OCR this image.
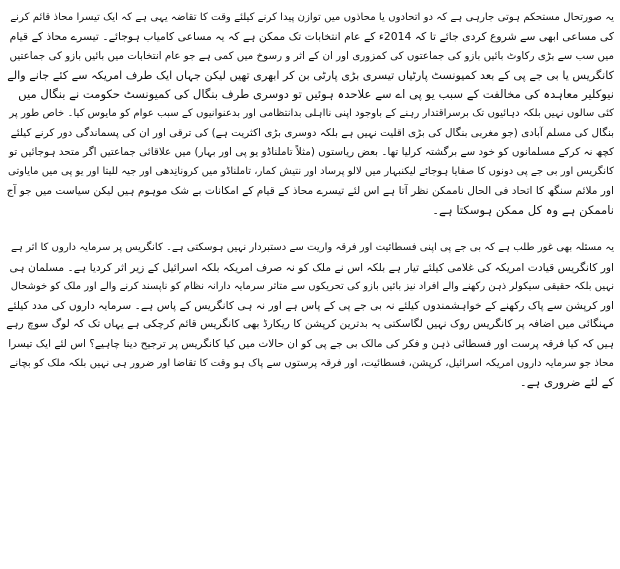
یہ صورتحال مستحکم ہوتی جارہی ہے کہ دو اتحادوں یا محاذوں میں توازن پیدا کرنے کیلئے وقت کا تقاضہ یہی ہے کہ ایک تیسرا محاذ قائم کرنے
کی مساعی ابھی سے شروع کردی جائے تا کہ 2014ء کے عام انتخابات تک ممکن ہے کہ یہ مساعی کامیاب ہوجائے۔ تیسرے محاذ کے قیام
میں سب سے بڑی رکاوٹ بائیں بازو کی جماعتوں کی کمزوری اور ان کے اثر و رسوخ میں کمی ہے جو عام انتخابات میں بائیں بازو کی جماعتیں
کانگریس یا بی جے پی کے بعد کمیونسٹ پارٹیاں تیسری بڑی پارٹی بن کر ابھری تھیں لیکن جہاں ایک طرف امریکہ سے کئے جانے والے
نیوکلیر معاہدہ کی مخالفت کے سبب یو پی اے سے علاحدہ ہوئیں تو دوسری طرف بنگال کی کمیونسٹ حکومت نے بنگال میں
کئی سالوں نہیں بلکہ دہائیوں تک برسراقتدار رہنے کے باوجود اپنی نااہلی بدانتظامی اور بدعنوانیوں کے سبب عوام کو مایوس کیا۔ خاص طور پر
بنگال کی مسلم آبادی (جو مغربی بنگال کی بڑی اقلیت نہیں ہے بلکہ دوسری بڑی اکثریت ہے) کی ترقی اور ان کی پسماندگی دور کرنے کیلئے
کچھ نہ کرکے مسلمانوں کو خود سے برگشتہ کرلیا تھا۔ بعض ریاستوں (مثلاً تاملناڈو یو پی اور بہار) میں علاقائی جماعتیں اگر متحد ہوجائیں تو
کانگریس اور بی جے پی دونوں کا صفایا ہوجائے لیکنبہار میں لالو پرساد اور نتیش کمار، تاملناڈو میں کرونانِدھی اور جیہ للیتا اور یو پی میں مایاوتی
اور ملائم سنگھ کا اتحاد فی الحال ناممکن نظر آتا ہے اس لئے تیسرے محاذ کے قیام کے امکانات بے شک موہوم ہیں لیکن سیاست میں جو آج
ناممکن ہے وہ کل ممکن ہوسکتا ہے۔
یہ مسئلہ بھی غور طلب ہے کہ بی جے پی اپنی فسطائیت اور فرقہ واریت سے دستبردار نہیں ہوسکتی ہے۔ کانگریس پر سرمایہ داروں کا اثر ہے
اور کانگریس قیادت امریکہ کی غلامی کیلئے تیار ہے بلکہ اس نے ملک کو نہ صرف امریکہ بلکہ اسرائیل کے زیر اثر کردیا ہے۔ مسلمان ہی
نہیں بلکہ حقیقی سیکولر ذہن رکھنے والے افراد نیز بائیں بازو کی تحریکوں سے متاثر سرمایہ دارانہ نظام کو ناپسند کرنے والے اور ملک کو خوشحال
اور کرپشن سے پاک رکھنے کے خواہشمندوں کیلئے نہ بی جے پی کے پاس ہے اور نہ ہی کانگریس کے پاس ہے۔ سرمایہ داروں کی مدد کیلئے
مہنگائی میں اضافہ پر کانگریس روک نہیں لگاسکتی یہ بدترین کرپشن کا ریکارڈ بھی کانگریس قائم کرچکی ہے یہاں تک کہ لوگ سوچ رہے
ہیں کہ کیا فرقہ پرست اور فسطائی ذہن و فکر کی مالک بی جے پی کو ان حالات میں کیا کانگریس پر ترجیح دینا چاہیے؟ اس لئے ایک تیسرا
محاذ جو سرمایہ داروں امریکہ اسرائیل، کرپشن، فسطائیت، اور فرقہ پرستوں سے پاک ہو وقت کا تقاضا اور ضرور ہی نہیں بلکہ ملک کو بچانے
کے لئے ضروری ہے۔
